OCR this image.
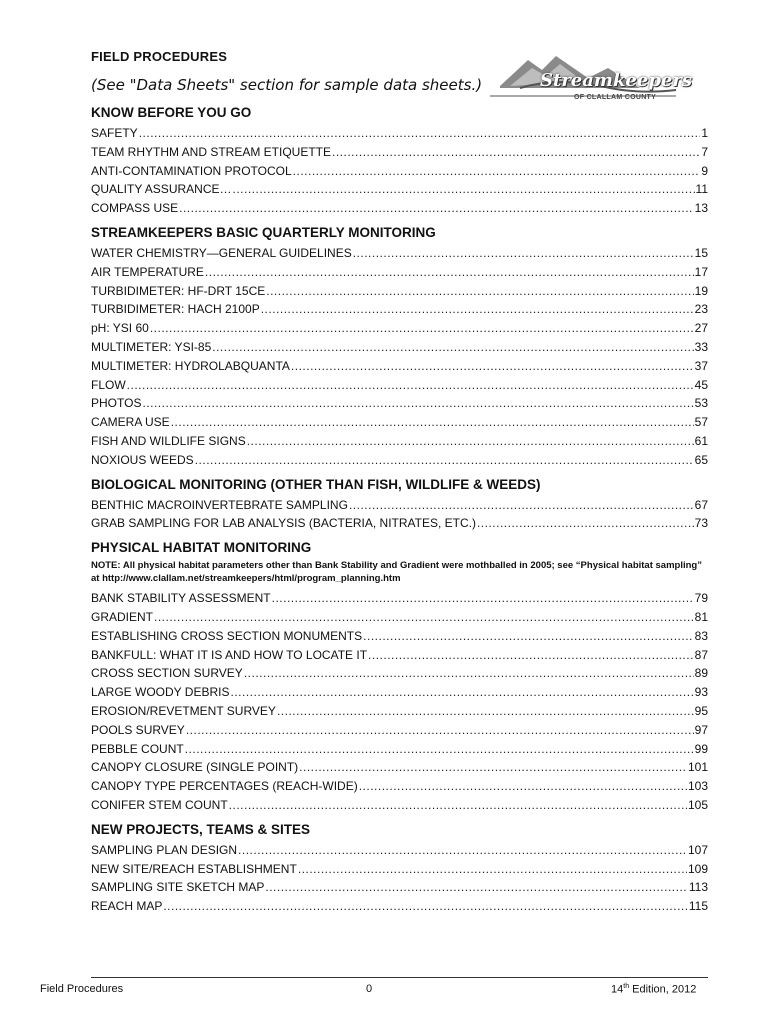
FIELD PROCEDURES
(See "Data Sheets" section for sample data sheets.)	Streamkeepers
OF CLALLAM COUNTY
KNOW BEFORE YOU GO
SAFETY .....	1
TEAM RHYTHM AND STREAM ETIQUETTE .....	7
ANTI-CONTAMINATION PROTOCOL .....	9
QUALITY ASSURANCE… .....	11
COMPASS USE .....	13
STREAMKEEPERS BASIC QUARTERLY MONITORING
WATER CHEMISTRY—GENERAL GUIDELINES .....	15
AIR TEMPERATURE .....	17
TURBIDIMETER: HF-DRT 15CE .....	19
TURBIDIMETER: HACH 2100P .....	23
pH: YSI 60 .....	27
MULTIMETER: YSI-85 .....	33
MULTIMETER: HYDROLABQUANTA .....	37
FLOW .....	45
PHOTOS .....	53
CAMERA USE .....	57
FISH AND WILDLIFE SIGNS .....	61
NOXIOUS WEEDS .....	65
BIOLOGICAL MONITORING (OTHER THAN FISH, WILDLIFE & WEEDS)
BENTHIC MACROINVERTEBRATE SAMPLING .....	67
GRAB SAMPLING FOR LAB ANALYSIS (BACTERIA, NITRATES, ETC.) .....	73
PHYSICAL HABITAT MONITORING
NOTE: All physical habitat parameters other than Bank Stability and Gradient were mothballed in 2005; see “Physical habitat sampling” at http://www.clallam.net/streamkeepers/html/program_planning.htm
BANK STABILITY ASSESSMENT .....	79
GRADIENT .....	81
ESTABLISHING CROSS SECTION MONUMENTS .....	83
BANKFULL: WHAT IT IS AND HOW TO LOCATE IT .....	87
CROSS SECTION SURVEY .....	89
LARGE WOODY DEBRIS .....	93
EROSION/REVETMENT SURVEY .....	95
POOLS SURVEY .....	97
PEBBLE COUNT .....	99
CANOPY CLOSURE (SINGLE POINT) .....	101
CANOPY TYPE PERCENTAGES (REACH-WIDE) .....	103
CONIFER STEM COUNT .....	105
NEW PROJECTS, TEAMS & SITES
SAMPLING PLAN DESIGN .....	107
NEW SITE/REACH ESTABLISHMENT .....	109
SAMPLING SITE SKETCH MAP .....	113
REACH MAP .....	115
Field Procedures	0	14th Edition, 2012
